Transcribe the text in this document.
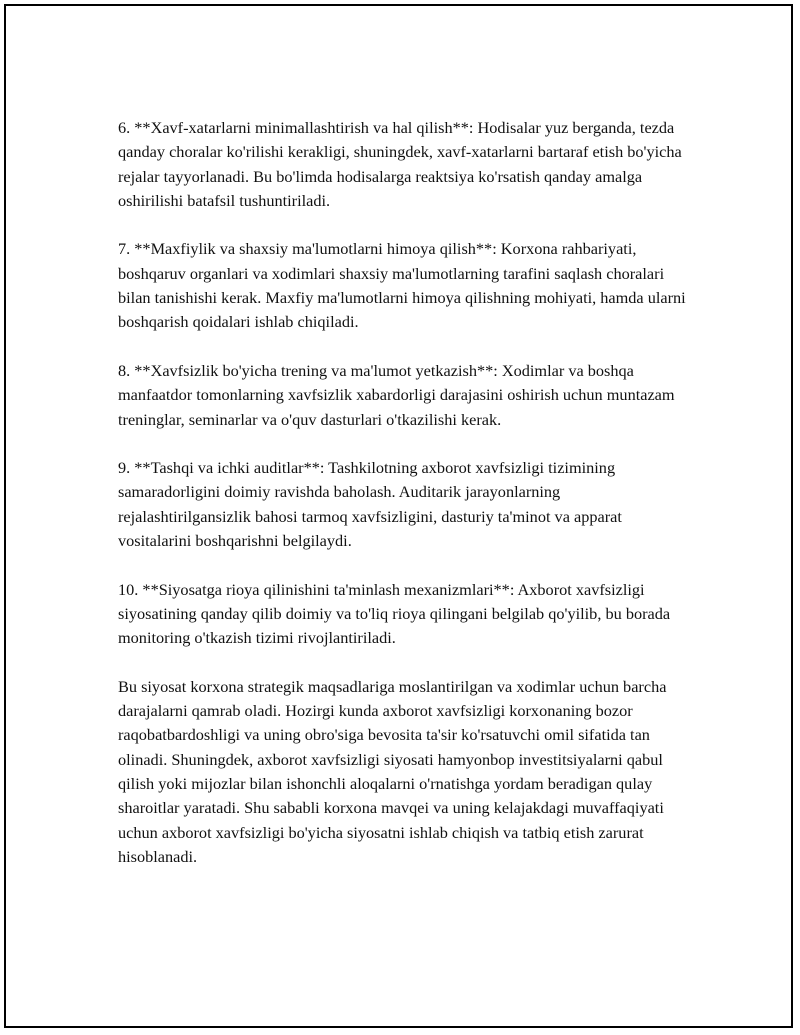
6. **Xavf-xatarlarni minimallashtirish va hal qilish**: Hodisalar yuz berganda, tezda qanday choralar ko'rilishi kerakligi, shuningdek, xavf-xatarlarni bartaraf etish bo'yicha rejalar tayyorlanadi. Bu bo'limda hodisalarga reaktsiya ko'rsatish qanday amalga oshirilishi batafsil tushuntiriladi.

7. **Maxfiylik va shaxsiy ma'lumotlarni himoya qilish**: Korxona rahbariyati, boshqaruv organlari va xodimlari shaxsiy ma'lumotlarning tarafini saqlash choralari bilan tanishishi kerak. Maxfiy ma'lumotlarni himoya qilishning mohiyati, hamda ularni boshqarish qoidalari ishlab chiqiladi.

8. **Xavfsizlik bo'yicha trening va ma'lumot yetkazish**: Xodimlar va boshqa manfaatdor tomonlarning xavfsizlik xabardorligi darajasini oshirish uchun muntazam treninglar, seminarlar va o'quv dasturlari o'tkazilishi kerak.

9. **Tashqi va ichki auditlar**: Tashkilotning axborot xavfsizligi tizimining samaradorligini doimiy ravishda baholash. Auditarik jarayonlarning rejalashtirilgansizlik bahosi tarmoq xavfsizligini, dasturiy ta'minot va apparat vositalarini boshqarishni belgilaydi.

10. **Siyosatga rioya qilinishini ta'minlash mexanizmlari**: Axborot xavfsizligi siyosatining qanday qilib doimiy va to'liq rioya qilingani belgilab qo'yilib, bu borada monitoring o'tkazish tizimi rivojlantiriladi.

Bu siyosat korxona strategik maqsadlariga moslantirilgan va xodimlar uchun barcha darajalarni qamrab oladi. Hozirgi kunda axborot xavfsizligi korxonaning bozor raqobatbardoshligi va uning obro'siga bevosita ta'sir ko'rsatuvchi omil sifatida tan olinadi. Shuningdek, axborot xavfsizligi siyosati hamyonbop investitsiyalarni qabul qilish yoki mijozlar bilan ishonchli aloqalarni o'rnatishga yordam beradigan qulay sharoitlar yaratadi. Shu sababli korxona mavqei va uning kelajakdagi muvaffaqiyati uchun axborot xavfsizligi bo'yicha siyosatni ishlab chiqish va tatbiq etish zarurat hisoblanadi.
